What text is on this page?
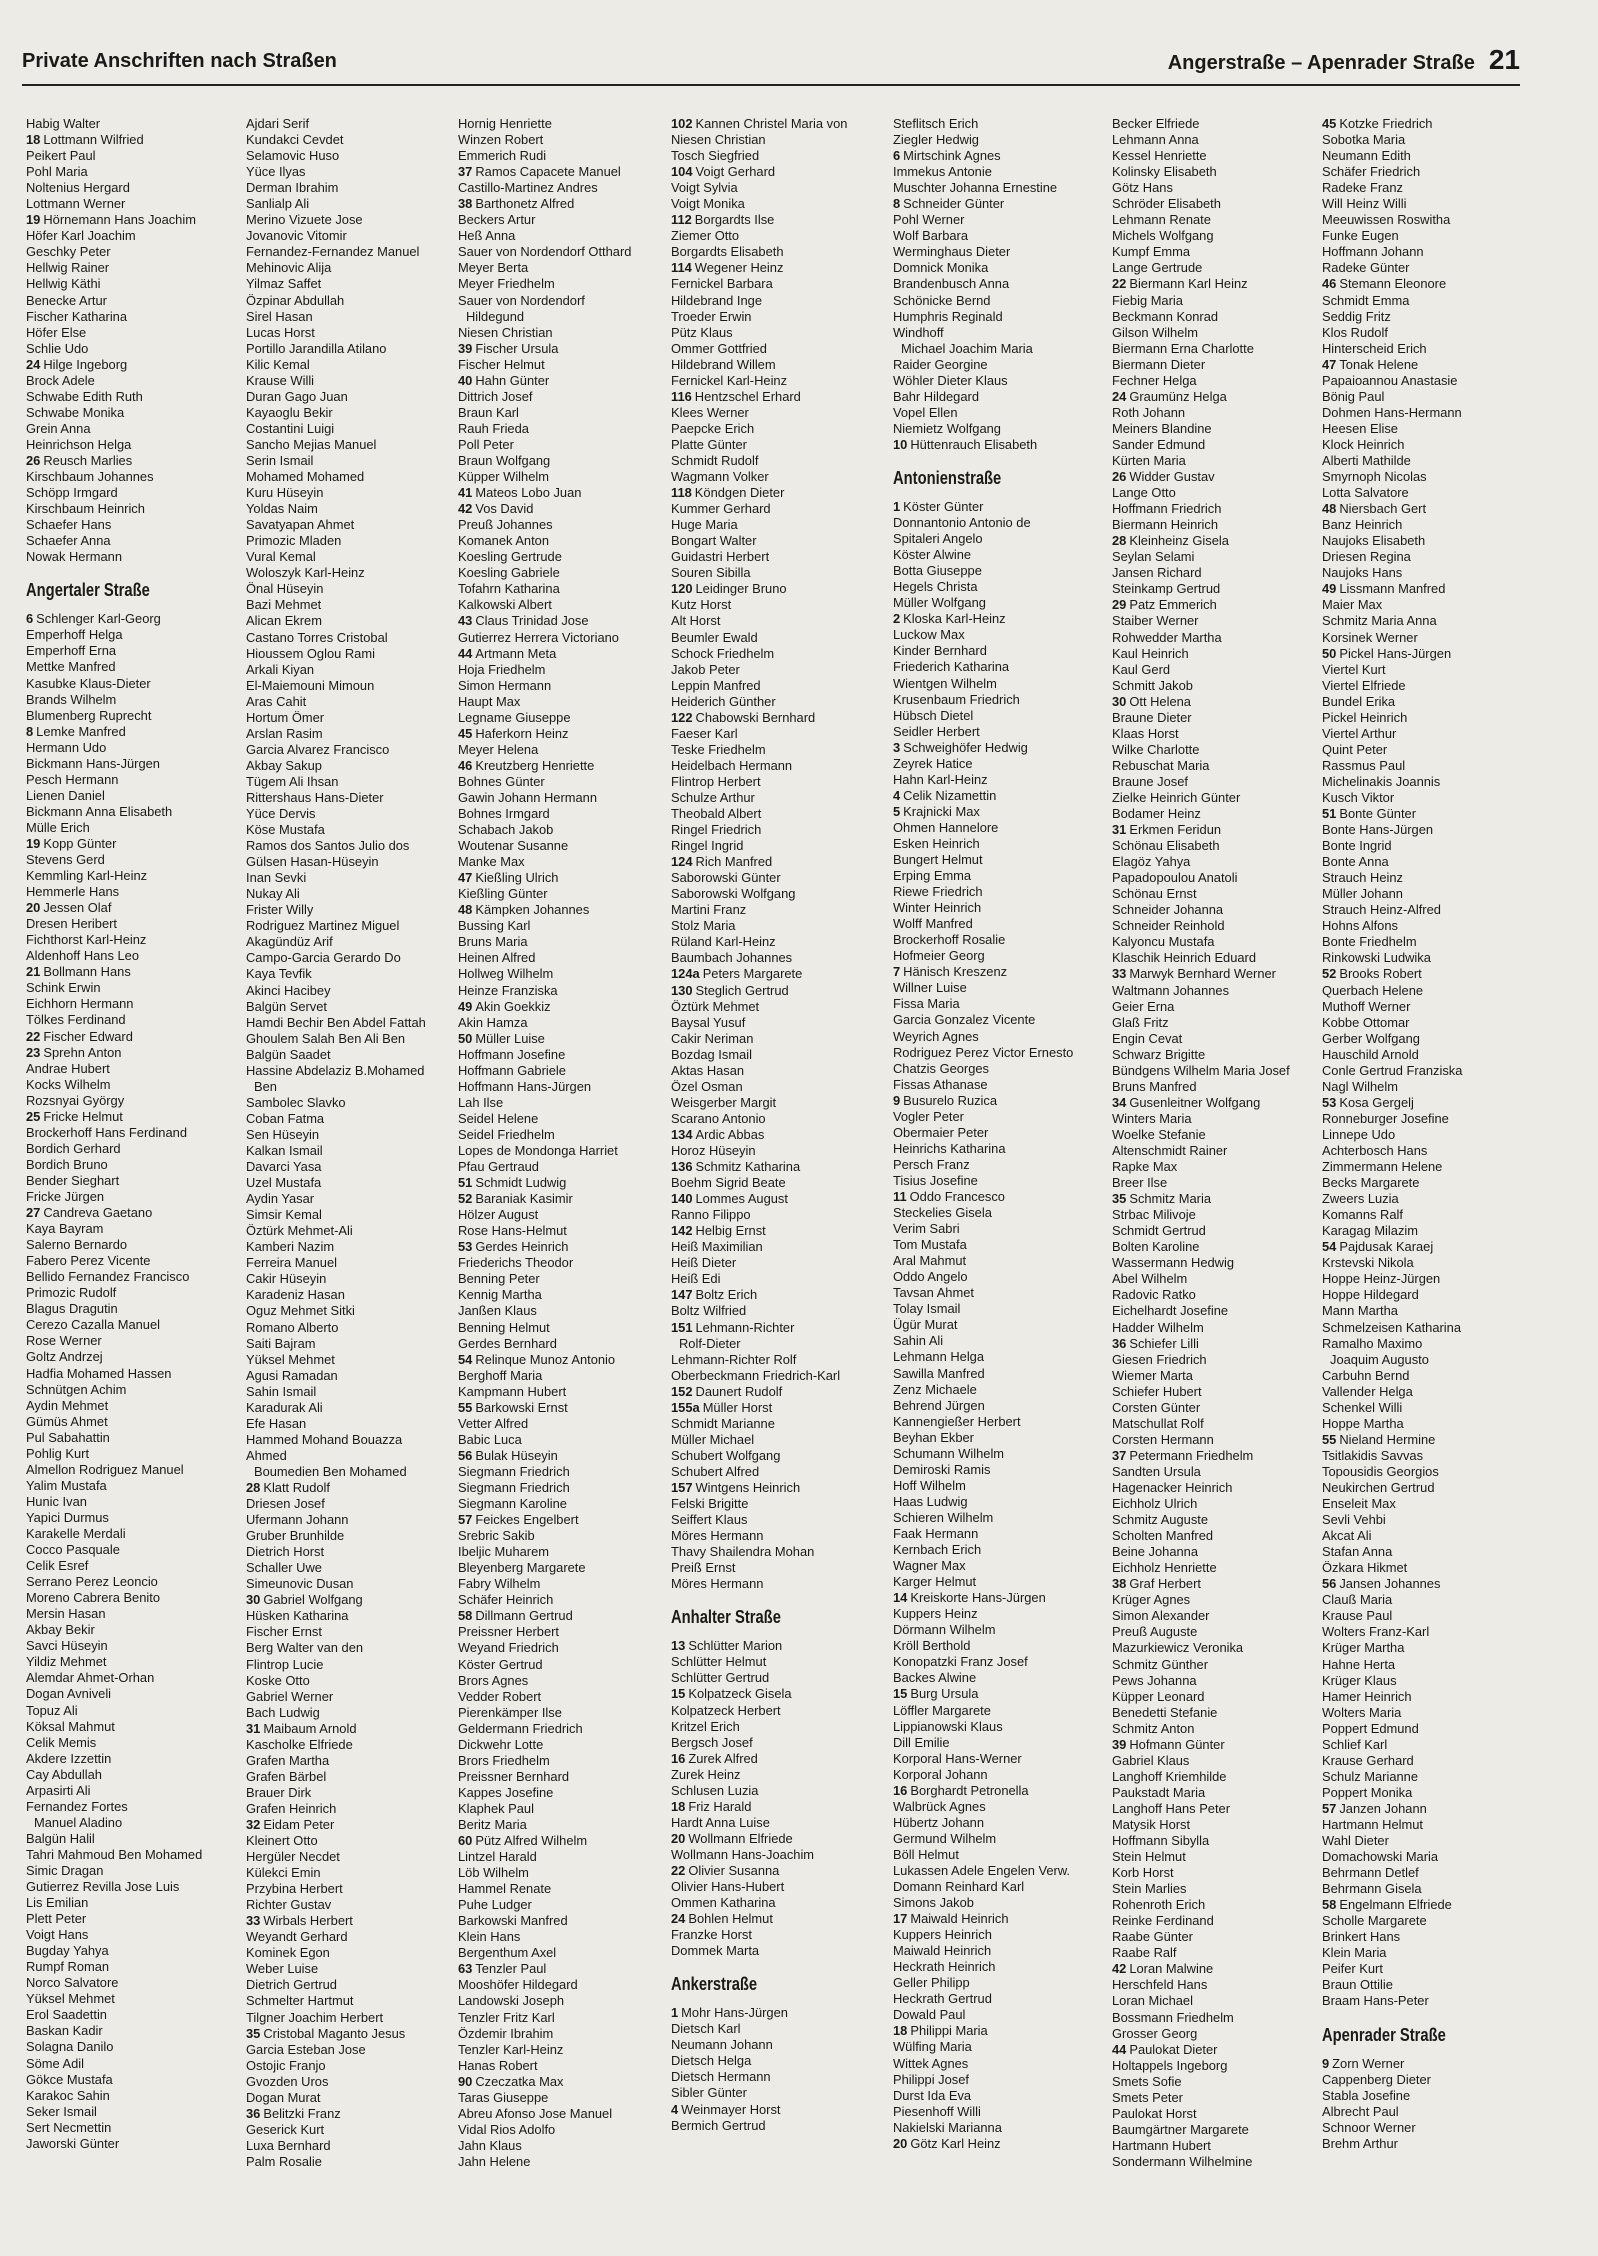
Private Anschriften nach Straßen	Angerstraße – Apenrader Straße 21
Habig Walter
18 Lottmann Wilfried
Peikert Paul
Pohl Maria
Noltenius Hergard
Lottmann Werner
19 Hörnemann Hans Joachim
Höfer Karl Joachim
Geschky Peter
Hellwig Rainer
Hellwig Käthi
Benecke Artur
Fischer Katharina
Höfer Else
Schlie Udo
24 Hilge Ingeborg
Brock Adele
Schwabe Edith Ruth
Schwabe Monika
Grein Anna
Heinrichson Helga
26 Reusch Marlies
Kirschbaum Johannes
Schöpp Irmgard
Kirschbaum Heinrich
Schaefer Hans
Schaefer Anna
Nowak Hermann
Angertaler Straße
6 Schlenger Karl-Georg
Emperhoff Helga
Emperhoff Erna
Mettke Manfred
Kasubke Klaus-Dieter
Brands Wilhelm
Blumenberg Ruprecht
8 Lemke Manfred
Hermann Udo
Bickmann Hans-Jürgen
Pesch Hermann
Lienen Daniel
Bickmann Anna Elisabeth
Mülle Erich
19 Kopp Günter
Stevens Gerd
Kemmling Karl-Heinz
Hemmerle Hans
20 Jessen Olaf
Dresen Heribert
Fichthorst Karl-Heinz
Aldenhoff Hans Leo
21 Bollmann Hans
Schink Erwin
Eichhorn Hermann
Tölkes Ferdinand
22 Fischer Edward
23 Sprehn Anton
Andrae Hubert
Kocks Wilhelm
Rozsnyai György
25 Fricke Helmut
Brockerhoff Hans Ferdinand
Bordich Gerhard
Bordich Bruno
Bender Sieghart
Fricke Jürgen
27 Candreva Gaetano
Kaya Bayram
Salerno Bernardo
Fabero Perez Vicente
Bellido Fernandez Francisco
Primozic Rudolf
Blagus Dragutin
Cerezo Cazalla Manuel
Rose Werner
Goltz Andrzej
Hadfia Mohamed Hassen
Schnütgen Achim
Aydin Mehmet
Gümüs Ahmet
Pul Sabahattin
Pohlig Kurt
Almellon Rodriguez Manuel
Yalim Mustafa
Hunic Ivan
Yapici Durmus
Karakelle Merdali
Cocco Pasquale
Celik Esref
Serrano Perez Leoncio
Moreno Cabrera Benito
Mersin Hasan
Akbay Bekir
Savci Hüseyin
Yildiz Mehmet
Alemdar Ahmet-Orhan
Dogan Avniveli
Topuz Ali
Köksal Mahmut
Celik Memis
Akdere Izzettin
Cay Abdullah
Arpasirti Ali
Fernandez Fortes
Manuel Aladino
Balgün Halil
Tahri Mahmoud Ben Mohamed
Simic Dragan
Gutierrez Revilla Jose Luis
Lis Emilian
Plett Peter
Voigt Hans
Bugday Yahya
Rumpf Roman
Norco Salvatore
Yüksel Mehmet
Erol Saadettin
Baskan Kadir
Solagna Danilo
Söme Adil
Gökce Mustafa
Karakoc Sahin
Seker Ismail
Sert Necmettin
Jaworski Günter
Ajdari Serif
Kundakci Cevdet
Selamovic Huso
Yüce Ilyas
Derman Ibrahim
Sanlialp Ali
Merino Vizuete Jose
Jovanovic Vitomir
Fernandez-Fernandez Manuel
Mehinovic Alija
Yilmaz Saffet
Özpinar Abdullah
Sirel Hasan
Lucas Horst
Portillo Jarandilla Atilano
Kilic Kemal
Krause Willi
Duran Gago Juan
Kayaoglu Bekir
Costantini Luigi
Sancho Mejias Manuel
Serin Ismail
Mohamed Mohamed
Kuru Hüseyin
Yoldas Naim
Savatyapan Ahmet
Primozic Mladen
Vural Kemal
Woloszyk Karl-Heinz
Önal Hüseyin
Bazi Mehmet
Alican Ekrem
Castano Torres Cristobal
Hioussem Oglou Rami
Arkali Kiyan
El-Maiemouni Mimoun
Aras Cahit
Hortum Ömer
Arslan Rasim
Garcia Alvarez Francisco
Akbay Sakup
Tügem Ali Ihsan
Rittershaus Hans-Dieter
Yüce Dervis
Köse Mustafa
Ramos dos Santos Julio dos
Gülsen Hasan-Hüseyin
Inan Sevki
Nukay Ali
Frister Willy
Rodriguez Martinez Miguel
Akagündüz Arif
Campo-Garcia Gerardo Do
Kaya Tevfik
Akinci Hacibey
Balgün Servet
Hamdi Bechir Ben Abdel Fattah
Ghoulem Salah Ben Ali Ben
Balgün Saadet
Hassine Abdelaziz B.Mohamed
Ben
Sambolec Slavko
Coban Fatma
Sen Hüseyin
Kalkan Ismail
Davarci Yasa
Uzel Mustafa
Aydin Yasar
Simsir Kemal
Öztürk Mehmet-Ali
Kamberi Nazim
Ferreira Manuel
Cakir Hüseyin
Karadeniz Hasan
Oguz Mehmet Sitki
Romano Alberto
Saiti Bajram
Yüksel Mehmet
Agusi Ramadan
Sahin Ismail
Karadurak Ali
Efe Hasan
Hammed Mohand Bouazza
Ahmed
Boumedien Ben Mohamed
28 Klatt Rudolf
Driesen Josef
Ufermann Johann
Gruber Brunhilde
Dietrich Horst
Schaller Uwe
Simeunovic Dusan
30 Gabriel Wolfgang
Hüsken Katharina
Fischer Ernst
Berg Walter van den
Flintrop Lucie
Koske Otto
Gabriel Werner
Bach Ludwig
31 Maibaum Arnold
Kascholke Elfriede
Grafen Martha
Grafen Bärbel
Brauer Dirk
Grafen Heinrich
32 Eidam Peter
Kleinert Otto
Hergüler Necdet
Külekci Emin
Przybina Herbert
Richter Gustav
33 Wirbals Herbert
Weyandt Gerhard
Kominek Egon
Weber Luise
Dietrich Gertrud
Schmelter Hartmut
Tilgner Joachim Herbert
35 Cristobal Maganto Jesus
Garcia Esteban Jose
Ostojic Franjo
Gvozden Uros
Dogan Murat
36 Belitzki Franz
Geserick Kurt
Luxa Bernhard
Palm Rosalie
Hornig Henriette
Winzen Robert
Emmerich Rudi
37 Ramos Capacete Manuel
Castillo-Martinez Andres
38 Barthonetz Alfred
Beckers Artur
Heß Anna
Sauer von Nordendorf Otthard
Meyer Berta
Meyer Friedhelm
Sauer von Nordendorf
Hildegund
Niesen Christian
39 Fischer Ursula
Fischer Helmut
40 Hahn Günter
Dittrich Josef
Braun Karl
Rauh Frieda
Poll Peter
Braun Wolfgang
Küpper Wilhelm
41 Mateos Lobo Juan
42 Vos David
Preuß Johannes
Komanek Anton
Koesling Gertrude
Koesling Gabriele
Tofahrn Katharina
Kalkowski Albert
43 Claus Trinidad Jose
Gutierrez Herrera Victoriano
44 Artmann Meta
Hoja Friedhelm
Simon Hermann
Haupt Max
Legname Giuseppe
45 Haferkorn Heinz
Meyer Helena
46 Kreutzberg Henriette
Bohnes Günter
Gawin Johann Hermann
Bohnes Irmgard
Schabach Jakob
Woutenar Susanne
Manke Max
47 Kießling Ulrich
Kießling Günter
48 Kämpken Johannes
Bussing Karl
Bruns Maria
Heinen Alfred
Hollweg Wilhelm
Heinze Franziska
49 Akin Goekkiz
Akin Hamza
50 Müller Luise
Hoffmann Josefine
Hoffmann Gabriele
Hoffmann Hans-Jürgen
Lah Ilse
Seidel Helene
Seidel Friedhelm
Lopes de Mondonga Harriet
Pfau Gertraud
51 Schmidt Ludwig
52 Baraniak Kasimir
Hölzer August
Rose Hans-Helmut
53 Gerdes Heinrich
Friederichs Theodor
Benning Peter
Kennig Martha
Janßen Klaus
Benning Helmut
Gerdes Bernhard
54 Relinque Munoz Antonio
Berghoff Maria
Kampmann Hubert
55 Barkowski Ernst
Vetter Alfred
Babic Luca
56 Bulak Hüseyin
Siegmann Friedrich
Siegmann Friedrich
Siegmann Karoline
57 Feickes Engelbert
Srebric Sakib
Ibeljic Muharem
Bleyenberg Margarete
Fabry Wilhelm
Schäfer Heinrich
58 Dillmann Gertrud
Preissner Herbert
Weyand Friedrich
Köster Gertrud
Brors Agnes
Vedder Robert
Pierenkämper Ilse
Geldermann Friedrich
Dickwehr Lotte
Brors Friedhelm
Preissner Bernhard
Kappes Josefine
Klaphek Paul
Beritz Maria
60 Pütz Alfred Wilhelm
Lintzel Harald
Löb Wilhelm
Hammel Renate
Puhe Ludger
Barkowski Manfred
Klein Hans
Bergenthum Axel
63 Tenzler Paul
Mooshöfer Hildegard
Landowski Joseph
Tenzler Fritz Karl
Özdemir Ibrahim
Tenzler Karl-Heinz
Hanas Robert
90 Czeczatka Max
Taras Giuseppe
Abreu Afonso Jose Manuel
Vidal Rios Adolfo
Jahn Klaus
Jahn Helene
102 Kannen Christel Maria von
Niesen Christian
Tosch Siegfried
104 Voigt Gerhard
Voigt Sylvia
Voigt Monika
112 Borgardts Ilse
Ziemer Otto
Borgardts Elisabeth
114 Wegener Heinz
Fernickel Barbara
Hildebrand Inge
Troeder Erwin
Pütz Klaus
Ommer Gottfried
Hildebrand Willem
Fernickel Karl-Heinz
116 Hentzschel Erhard
Klees Werner
Paepcke Erich
Platte Günter
Schmidt Rudolf
Wagmann Volker
118 Köndgen Dieter
Kummer Gerhard
Huge Maria
Bongart Walter
Guidastri Herbert
Souren Sibilla
120 Leidinger Bruno
Kutz Horst
Alt Horst
Beumler Ewald
Schock Friedhelm
Jakob Peter
Leppin Manfred
Heiderich Günther
122 Chabowski Bernhard
Faeser Karl
Teske Friedhelm
Heidelbach Hermann
Flintrop Herbert
Schulze Arthur
Theobald Albert
Ringel Friedrich
Ringel Ingrid
124 Rich Manfred
Saborowski Günter
Saborowski Wolfgang
Martini Franz
Stolz Maria
Rüland Karl-Heinz
Baumbach Johannes
124a Peters Margarete
130 Steglich Gertrud
Öztürk Mehmet
Baysal Yusuf
Cakir Neriman
Bozdag Ismail
Aktas Hasan
Özel Osman
Weisgerber Margit
Scarano Antonio
134 Ardic Abbas
Horoz Hüseyin
136 Schmitz Katharina
Boehm Sigrid Beate
140 Lommes August
Ranno Filippo
142 Helbig Ernst
Heiß Maximilian
Heiß Dieter
Heiß Edi
147 Boltz Erich
Boltz Wilfried
151 Lehmann-Richter
Rolf-Dieter
Lehmann-Richter Rolf
Oberbeckmann Friedrich-Karl
152 Daunert Rudolf
155a Müller Horst
Schmidt Marianne
Müller Michael
Schubert Wolfgang
Schubert Alfred
157 Wintgens Heinrich
Felski Brigitte
Seiffert Klaus
Möres Hermann
Thavy Shailendra Mohan
Preiß Ernst
Möres Hermann
Anhalter Straße
13 Schlütter Marion
Schlütter Helmut
Schlütter Gertrud
15 Kolpatzeck Gisela
Kolpatzeck Herbert
Kritzel Erich
Bergsch Josef
16 Zurek Alfred
Zurek Heinz
Schlusen Luzia
18 Friz Harald
Hardt Anna Luise
20 Wollmann Elfriede
Wollmann Hans-Joachim
22 Olivier Susanna
Olivier Hans-Hubert
Ommen Katharina
24 Bohlen Helmut
Franzke Horst
Dommek Marta
Ankerstraße
1 Mohr Hans-Jürgen
Dietsch Karl
Neumann Johann
Dietsch Helga
Dietsch Hermann
Sibler Günter
4 Weinmayer Horst
Bermich Gertrud
Steflitsch Erich
Ziegler Hedwig
6 Mirtschink Agnes
Immekus Antonie
Muschter Johanna Ernestine
8 Schneider Günter
Pohl Werner
Wolf Barbara
Werminghaus Dieter
Domnick Monika
Brandenbusch Anna
Schönicke Bernd
Humphris Reginald
Windhoff
Michael Joachim Maria
Raider Georgine
Wöhler Dieter Klaus
Bahr Hildegard
Vopel Ellen
Niemietz Wolfgang
10 Hüttenrauch Elisabeth
Antonienstraße
1 Köster Günter
Donnantonio Antonio de
Spitaleri Angelo
Köster Alwine
Botta Giuseppe
Hegels Christa
Müller Wolfgang
2 Kloska Karl-Heinz
Luckow Max
Kinder Bernhard
Friederich Katharina
Wientgen Wilhelm
Krusenbaum Friedrich
Hübsch Dietel
Seidler Herbert
3 Schweighöfer Hedwig
Zeyrek Hatice
Hahn Karl-Heinz
4 Celik Nizamettin
5 Krajnicki Max
Ohmen Hannelore
Esken Heinrich
Bungert Helmut
Erping Emma
Riewe Friedrich
Winter Heinrich
Wolff Manfred
Brockerhoff Rosalie
Hofmeier Georg
7 Hänisch Kreszenz
Willner Luise
Fissa Maria
Garcia Gonzalez Vicente
Weyrich Agnes
Rodriguez Perez Victor Ernesto
Chatzis Georges
Fissas Athanase
9 Busurelo Ruzica
Vogler Peter
Obermaier Peter
Heinrichs Katharina
Persch Franz
Tisius Josefine
11 Oddo Francesco
Steckelies Gisela
Verim Sabri
Tom Mustafa
Aral Mahmut
Oddo Angelo
Tavsan Ahmet
Tolay Ismail
Ügür Murat
Sahin Ali
Lehmann Helga
Sawilla Manfred
Zenz Michaele
Behrend Jürgen
Kannengießer Herbert
Beyhan Ekber
Schumann Wilhelm
Demiroski Ramis
Hoff Wilhelm
Haas Ludwig
Schieren Wilhelm
Faak Hermann
Kernbach Erich
Wagner Max
Karger Helmut
14 Kreiskorte Hans-Jürgen
Kuppers Heinz
Dörmann Wilhelm
Kröll Berthold
Konopatzki Franz Josef
Backes Alwine
15 Burg Ursula
Löffler Margarete
Lippianowski Klaus
Dill Emilie
Korporal Hans-Werner
Korporal Johann
16 Borghardt Petronella
Walbrück Agnes
Hübertz Johann
Germund Wilhelm
Böll Helmut
Lukassen Adele Engelen Verw.
Domann Reinhard Karl
Simons Jakob
17 Maiwald Heinrich
Kuppers Heinrich
Maiwald Heinrich
Heckrath Heinrich
Geller Philipp
Heckrath Gertrud
Dowald Paul
18 Philippi Maria
Wülfing Maria
Wittek Agnes
Philippi Josef
Durst Ida Eva
Piesenhoff Willi
Nakielski Marianna
20 Götz Karl Heinz
Becker Elfriede
Lehmann Anna
Kessel Henriette
Kolinsky Elisabeth
Götz Hans
Schröder Elisabeth
Lehmann Renate
Michels Wolfgang
Kumpf Emma
Lange Gertrude
22 Biermann Karl Heinz
Fiebig Maria
Beckmann Konrad
Gilson Wilhelm
Biermann Erna Charlotte
Biermann Dieter
Fechner Helga
24 Graumünz Helga
Roth Johann
Meiners Blandine
Sander Edmund
Kürten Maria
26 Widder Gustav
Lange Otto
Hoffmann Friedrich
Biermann Heinrich
28 Kleinheinz Gisela
Seylan Selami
Jansen Richard
Steinkamp Gertrud
29 Patz Emmerich
Staiber Werner
Rohwedder Martha
Kaul Heinrich
Kaul Gerd
Schmitt Jakob
30 Ott Helena
Braune Dieter
Klaas Horst
Wilke Charlotte
Rebuschat Maria
Braune Josef
Zielke Heinrich Günter
Bodamer Heinz
31 Erkmen Feridun
Schönau Elisabeth
Elagöz Yahya
Papadopoulou Anatoli
Schönau Ernst
Schneider Johanna
Schneider Reinhold
Kalyoncu Mustafa
Klaschik Heinrich Eduard
33 Marwyk Bernhard Werner
Waltmann Johannes
Geier Erna
Glaß Fritz
Engin Cevat
Schwarz Brigitte
Bündgens Wilhelm Maria Josef
Bruns Manfred
34 Gusenleitner Wolfgang
Winters Maria
Woelke Stefanie
Altenschmidt Rainer
Rapke Max
Breer Ilse
35 Schmitz Maria
Strbac Milivoje
Schmidt Gertrud
Bolten Karoline
Wassermann Hedwig
Abel Wilhelm
Radovic Ratko
Eichelhardt Josefine
Hadder Wilhelm
36 Schiefer Lilli
Giesen Friedrich
Wiemer Marta
Schiefer Hubert
Corsten Günter
Matschullat Rolf
Corsten Hermann
37 Petermann Friedhelm
Sandten Ursula
Hagenacker Heinrich
Eichholz Ulrich
Schmitz Auguste
Scholten Manfred
Beine Johanna
Eichholz Henriette
38 Graf Herbert
Krüger Agnes
Simon Alexander
Preuß Auguste
Mazurkiewicz Veronika
Schmitz Günther
Pews Johanna
Küpper Leonard
Benedetti Stefanie
Schmitz Anton
39 Hofmann Günter
Gabriel Klaus
Langhoff Kriemhilde
Paukstadt Maria
Langhoff Hans Peter
Matysik Horst
Hoffmann Sibylla
Stein Helmut
Korb Horst
Stein Marlies
Rohenroth Erich
Reinke Ferdinand
Raabe Günter
Raabe Ralf
42 Loran Malwine
Herschfeld Hans
Loran Michael
Bossmann Friedhelm
Grosser Georg
44 Paulokat Dieter
Holtappels Ingeborg
Smets Sofie
Smets Peter
Paulokat Horst
Baumgärtner Margarete
Hartmann Hubert
Sondermann Wilhelmine
45 Kotzke Friedrich
Sobotka Maria
Neumann Edith
Schäfer Friedrich
Radeke Franz
Will Heinz Willi
Meeuwissen Roswitha
Funke Eugen
Hoffmann Johann
Radeke Günter
46 Stemann Eleonore
Schmidt Emma
Seddig Fritz
Klos Rudolf
Hinterscheid Erich
47 Tonak Helene
Papaioannou Anastasie
Bönig Paul
Dohmen Hans-Hermann
Heesen Elise
Klock Heinrich
Alberti Mathilde
Smyrnoph Nicolas
Lotta Salvatore
48 Niersbach Gert
Banz Heinrich
Naujoks Elisabeth
Driesen Regina
Naujoks Hans
49 Lissmann Manfred
Maier Max
Schmitz Maria Anna
Korsinek Werner
50 Pickel Hans-Jürgen
Viertel Kurt
Viertel Elfriede
Bundel Erika
Pickel Heinrich
Viertel Arthur
Quint Peter
Rassmus Paul
Michelinakis Joannis
Kusch Viktor
51 Bonte Günter
Bonte Hans-Jürgen
Bonte Ingrid
Bonte Anna
Strauch Heinz
Müller Johann
Strauch Heinz-Alfred
Hohns Alfons
Bonte Friedhelm
Rinkowski Ludwika
52 Brooks Robert
Querbach Helene
Muthoff Werner
Kobbe Ottomar
Gerber Wolfgang
Hauschild Arnold
Conle Gertrud Franziska
Nagl Wilhelm
53 Kosa Gergelj
Ronneburger Josefine
Linnepe Udo
Achterbosch Hans
Zimmermann Helene
Becks Margarete
Zweers Luzia
Komanns Ralf
Karagag Milazim
54 Pajdusak Karaej
Krstevski Nikola
Hoppe Heinz-Jürgen
Hoppe Hildegard
Mann Martha
Schmelzeisen Katharina
Ramalho Maximo
Joaquim Augusto
Carbuhn Bernd
Vallender Helga
Schenkel Willi
Hoppe Martha
55 Nieland Hermine
Tsitlakidis Savvas
Topousidis Georgios
Neukirchen Gertrud
Enseleit Max
Sevli Vehbi
Akcat Ali
Stafan Anna
Özkara Hikmet
56 Jansen Johannes
Clauß Maria
Krause Paul
Wolters Franz-Karl
Krüger Martha
Hahne Herta
Krüger Klaus
Hamer Heinrich
Wolters Maria
Poppert Edmund
Schlief Karl
Krause Gerhard
Schulz Marianne
Poppert Monika
57 Janzen Johann
Hartmann Helmut
Wahl Dieter
Domachowski Maria
Behrmann Detlef
Behrmann Gisela
58 Engelmann Elfriede
Scholle Margarete
Brinkert Hans
Klein Maria
Peifer Kurt
Braun Ottilie
Braam Hans-Peter
Apenrader Straße
9 Zorn Werner
Cappenberg Dieter
Stabla Josefine
Albrecht Paul
Schnoor Werner
Brehm Arthur
